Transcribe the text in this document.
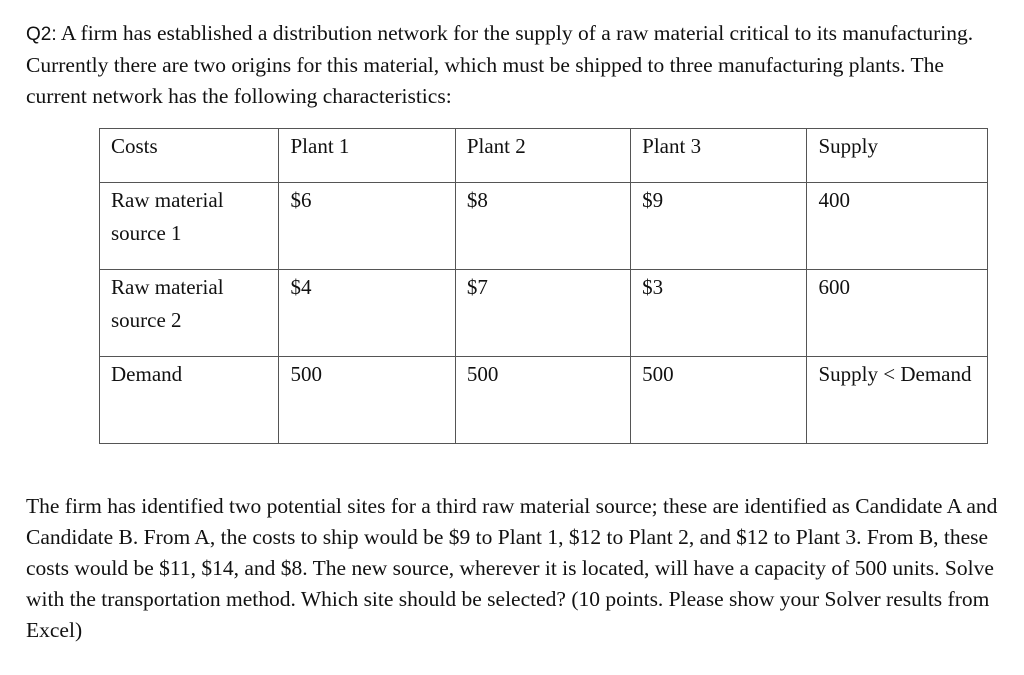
Q2: A firm has established a distribution network for the supply of a raw material critical to its manufacturing. Currently there are two origins for this material, which must be shipped to three manufacturing plants. The current network has the following characteristics:

Costs	Plant 1	Plant 2	Plant 3	Supply
Raw material source 1	$6	$8	$9	400
Raw material source 2	$4	$7	$3	600
Demand	500	500	500	Supply < Demand

The firm has identified two potential sites for a third raw material source; these are identified as Candidate A and Candidate B. From A, the costs to ship would be $9 to Plant 1, $12 to Plant 2, and $12 to Plant 3. From B, these costs would be $11, $14, and $8. The new source, wherever it is located, will have a capacity of 500 units. Solve with the transportation method. Which site should be selected? (10 points. Please show your Solver results from Excel)
